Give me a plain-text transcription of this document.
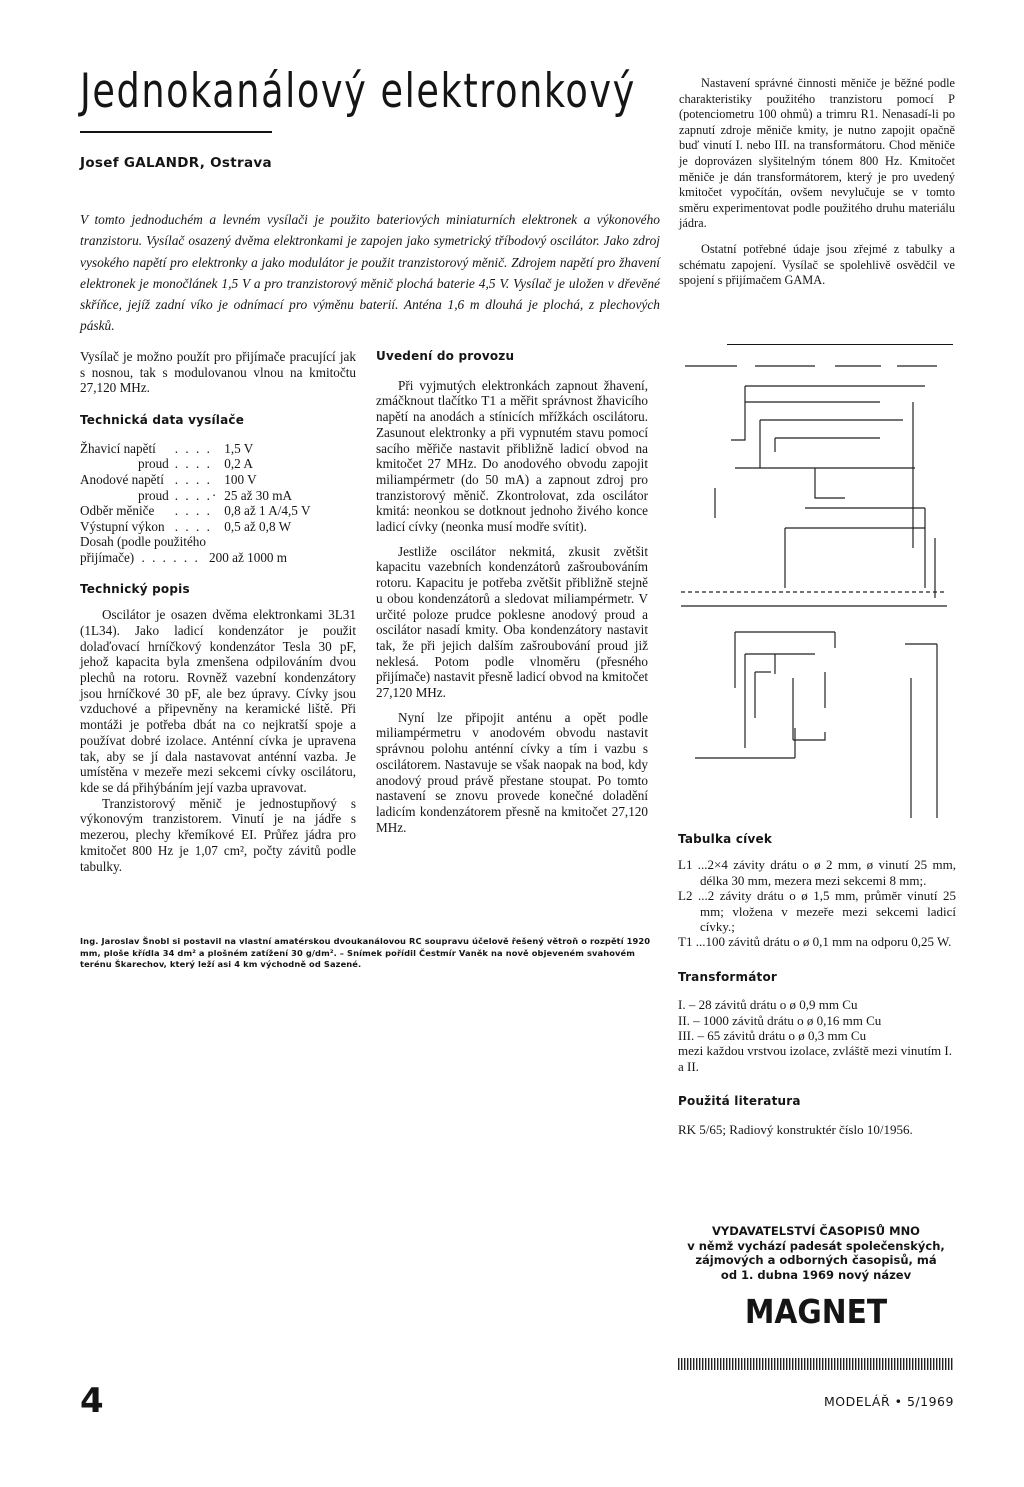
Jednokanálový elektronkový
Josef GALANDR, Ostrava

V tomto jednoduchém a levném vysílači je použito bateriových miniaturních elektronek a výkonového tranzistoru. Vysílač osazený dvěma elektronkami je zapojen jako symetrický tříbodový oscilátor. Jako zdroj vysokého napětí pro elektronky a jako modulátor je použit tranzistorový měnič. Zdrojem napětí pro žhavení elektronek je monočlánek 1,5 V a pro tranzistorový měnič plochá baterie 4,5 V. Vysílač je uložen v dřevěné skříňce, jejíž zadní víko je odnímací pro výměnu baterií. Anténa 1,6 m dlouhá je plochá, z plechových pásků.

Nastavení správné činnosti měniče je běžné podle charakteristiky použitého tranzistoru pomocí P (potenciometru 100 ohmů) a trimru R1. Nenasadí-li po zapnutí zdroje měniče kmity, je nutno zapojit opačně buď vinutí I. nebo III. na transformátoru. Chod měniče je doprovázen slyšitelným tónem 800 Hz. Kmitočet měniče je dán transformátorem, který je pro uvedený kmitočet vypočítán, ovšem nevylučuje se v tomto směru experimentovat podle použitého druhu materiálu jádra.

Ostatní potřebné údaje jsou zřejmé z tabulky a schématu zapojení. Vysílač se spolehlivě osvědčil ve spojení s přijímačem GAMA.

Vysílač je možno použít pro přijímače pracující jak s nosnou, tak s modulovanou vlnou na kmitočtu 27,120 MHz.

Technická data vysílače
Žhavicí napětí	. . . .	1,5 V
proud	. . . .	0,2 A
Anodové napětí	. . . .	100 V
proud	. . . .·	25 až 30 mA
Odběr měniče	. . . .	0,8 až 1 A/4,5 V
Výstupní výkon	. . . .	0,5 až 0,8 W
Dosah (podle použitého
přijímače) . . . . . . 200 až 1000 m
Technický popis

Oscilátor je osazen dvěma elektronkami 3L31 (1L34). Jako ladicí kondenzátor je použit dolaďovací hrníčkový kondenzátor Tesla 30 pF, jehož kapacita byla zmenšena odpilováním dvou plechů na rotoru. Rovněž vazební kondenzátory jsou hrníčkové 30 pF, ale bez úpravy. Cívky jsou vzduchové a připevněny na keramické liště. Při montáži je potřeba dbát na co nejkratší spoje a používat dobré izolace. Anténní cívka je upravena tak, aby se jí dala nastavovat anténní vazba. Je umístěna v mezeře mezi sekcemi cívky oscilátoru, kde se dá přihýbáním její vazba upravovat.

Tranzistorový měnič je jednostupňový s výkonovým tranzistorem. Vinutí je na jádře s mezerou, plechy křemíkové EI. Průřez jádra pro kmitočet 800 Hz je 1,07 cm², počty závitů podle tabulky.

Uvedení do provozu

Při vyjmutých elektronkách zapnout žhavení, zmáčknout tlačítko T1 a měřit správnost žhavicího napětí na anodách a stínicích mřížkách oscilátoru. Zasunout elektronky a při vypnutém stavu pomocí sacího měřiče nastavit přibližně ladicí obvod na kmitočet 27 MHz. Do anodového obvodu zapojit miliampérmetr (do 50 mA) a zapnout zdroj pro tranzistorový měnič. Zkontrolovat, zda oscilátor kmitá: neonkou se dotknout jednoho živého konce ladicí cívky (neonka musí modře svítit).

Jestliže oscilátor nekmitá, zkusit zvětšit kapacitu vazebních kondenzátorů zašroubováním rotoru. Kapacitu je potřeba zvětšit přibližně stejně u obou kondenzátorů a sledovat miliampérmetr. V určité poloze prudce poklesne anodový proud a oscilátor nasadí kmity. Oba kondenzátory nastavit tak, že při jejich dalším zašroubování proud již neklesá. Potom podle vlnoměru (přesného přijímače) nastavit přesně ladicí obvod na kmitočet 27,120 MHz.

Nyní lze připojit anténu a opět podle miliampérmetru v anodovém obvodu nastavit správnou polohu anténní cívky a tím i vazbu s oscilátorem. Nastavuje se však naopak na bod, kdy anodový proud právě přestane stoupat. Po tomto nastavení se znovu provede konečné doladění ladicím kondenzátorem přesně na kmitočet 27,120 MHz.

Tabulka cívek
L1 ...2×4 závity drátu o ø 2 mm, ø vinutí 25 mm, délka 30 mm, mezera mezi sekcemi 8 mm;.
L2 ...2 závity drátu o ø 1,5 mm, průměr vinutí 25 mm; vložena v mezeře mezi sekcemi ladicí cívky.;
T1 ...100 závitů drátu o ø 0,1 mm na odporu 0,25 W.
Transformátor
I. – 28 závitů drátu o ø 0,9 mm Cu
II. – 1000 závitů drátu o ø 0,16 mm Cu
III. – 65 závitů drátu o ø 0,3 mm Cu
mezi každou vrstvou izolace, zvláště mezi vinutím I. a II.
Použitá literatura
RK 5/65; Radiový konstruktér číslo 10/1956.

Ing. Jaroslav Šnobl si postavil na vlastní amatérskou dvoukanálovou RC soupravu účelově řešený větroň o rozpětí 1920 mm, ploše křídla 34 dm² a plošném zatížení 30 g/dm². – Snímek pořídil Čestmír Vaněk na nově objeveném svahovém terénu Škarechov, který leží asi 4 km východně od Sazené.

VYDAVATELSTVÍ ČASOPISŮ MNO
v němž vychází padesát společenských,
zájmových a odborných časopisů, má
od 1. dubna 1969 nový název
MAGNET
4	MODELÁŘ • 5/1969
